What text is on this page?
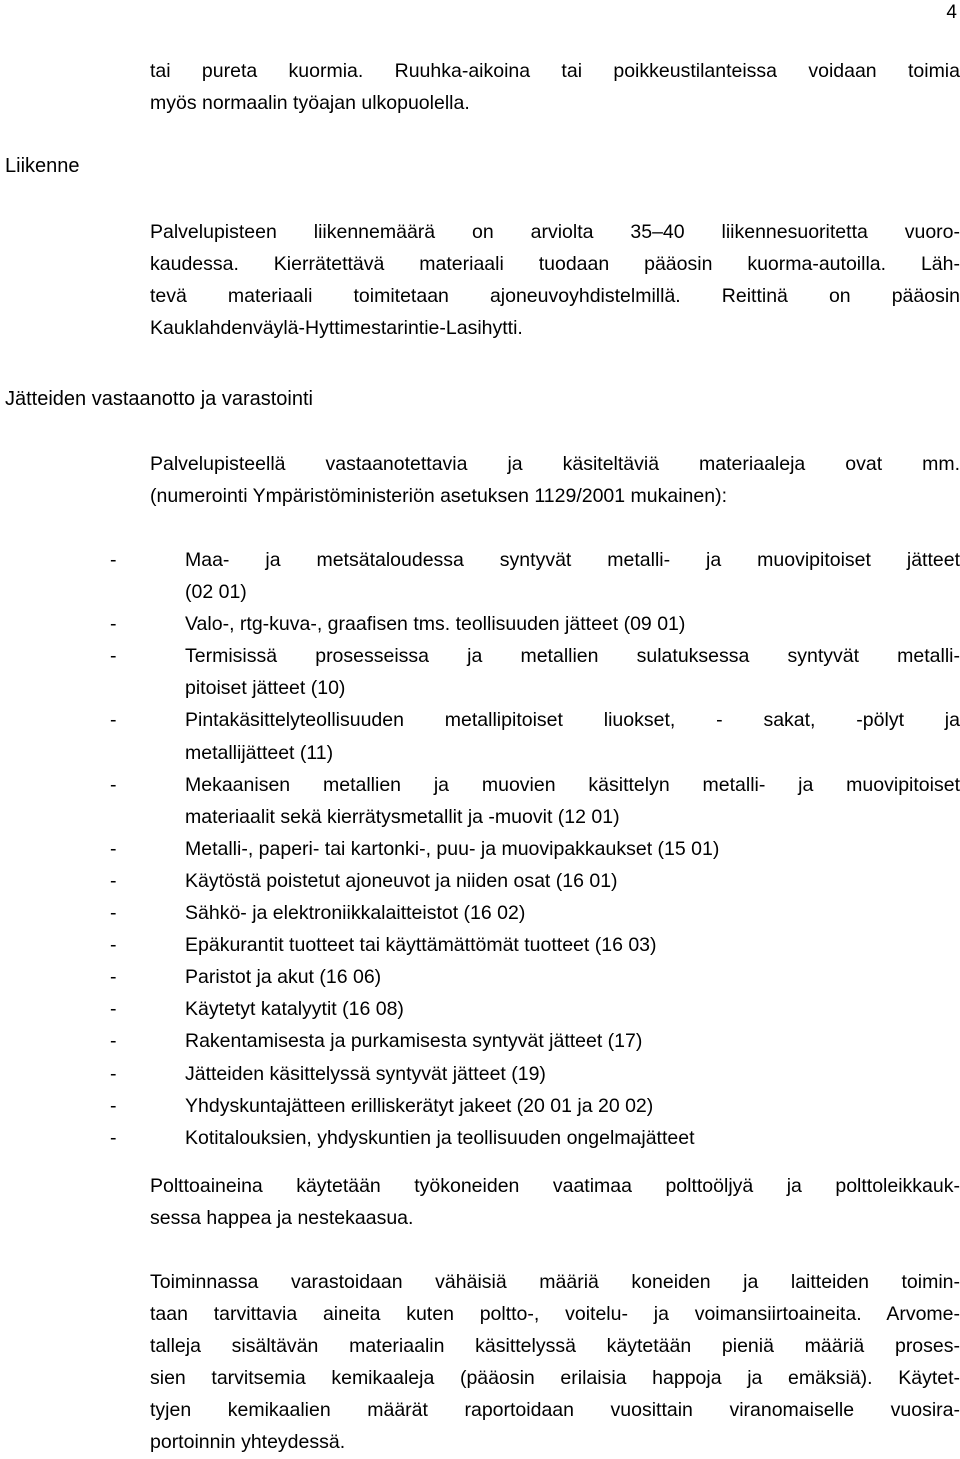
4
tai pureta kuormia. Ruuhka-aikoina tai poikkeustilanteissa voidaan toimia
myös normaalin työajan ulkopuolella.
Liikenne
Palvelupisteen liikennemäärä on arviolta 35–40 liikennesuoritetta vuoro-
kaudessa. Kierrätettävä materiaali tuodaan pääosin kuorma-autoilla. Läh-
tevä materiaali toimitetaan ajoneuvoyhdistelmillä. Reittinä on pääosin
Kauklahdenväylä-Hyttimestarintie-Lasihytti.
Jätteiden vastaanotto ja varastointi
Palvelupisteellä vastaanotettavia ja käsiteltäviä materiaaleja ovat mm.
(numerointi Ympäristöministeriön asetuksen 1129/2001 mukainen):
-	Maa- ja metsätaloudessa syntyvät metalli- ja muovipitoiset jätteet
(02 01)
-	Valo-, rtg-kuva-, graafisen tms. teollisuuden jätteet (09 01)
-	Termisissä prosesseissa ja metallien sulatuksessa syntyvät metalli-
pitoiset jätteet (10)
-	Pintakäsittelyteollisuuden metallipitoiset liuokset, - sakat, -pölyt ja
metallijätteet (11)
-	Mekaanisen metallien ja muovien käsittelyn metalli- ja muovipitoiset
materiaalit sekä kierrätysmetallit ja -muovit (12 01)
-	Metalli-, paperi- tai kartonki-, puu- ja muovipakkaukset (15 01)
-	Käytöstä poistetut ajoneuvot ja niiden osat (16 01)
-	Sähkö- ja elektroniikkalaitteistot (16 02)
-	Epäkurantit tuotteet tai käyttämättömät tuotteet (16 03)
-	Paristot ja akut (16 06)
-	Käytetyt katalyytit (16 08)
-	Rakentamisesta ja purkamisesta syntyvät jätteet (17)
-	Jätteiden käsittelyssä syntyvät jätteet (19)
-	Yhdyskuntajätteen erilliskerätyt jakeet (20 01 ja 20 02)
-	Kotitalouksien, yhdyskuntien ja teollisuuden ongelmajätteet
Polttoaineina käytetään työkoneiden vaatimaa polttoöljyä ja polttoleikkauk-
sessa happea ja nestekaasua.
Toiminnassa varastoidaan vähäisiä määriä koneiden ja laitteiden toimin-
taan tarvittavia aineita kuten poltto-, voitelu- ja voimansiirtoaineita. Arvome-
talleja sisältävän materiaalin käsittelyssä käytetään pieniä määriä proses-
sien tarvitsemia kemikaaleja (pääosin erilaisia happoja ja emäksiä). Käytet-
tyjen kemikaalien määrät raportoidaan vuosittain viranomaiselle vuosira-
portoinnin yhteydessä.
